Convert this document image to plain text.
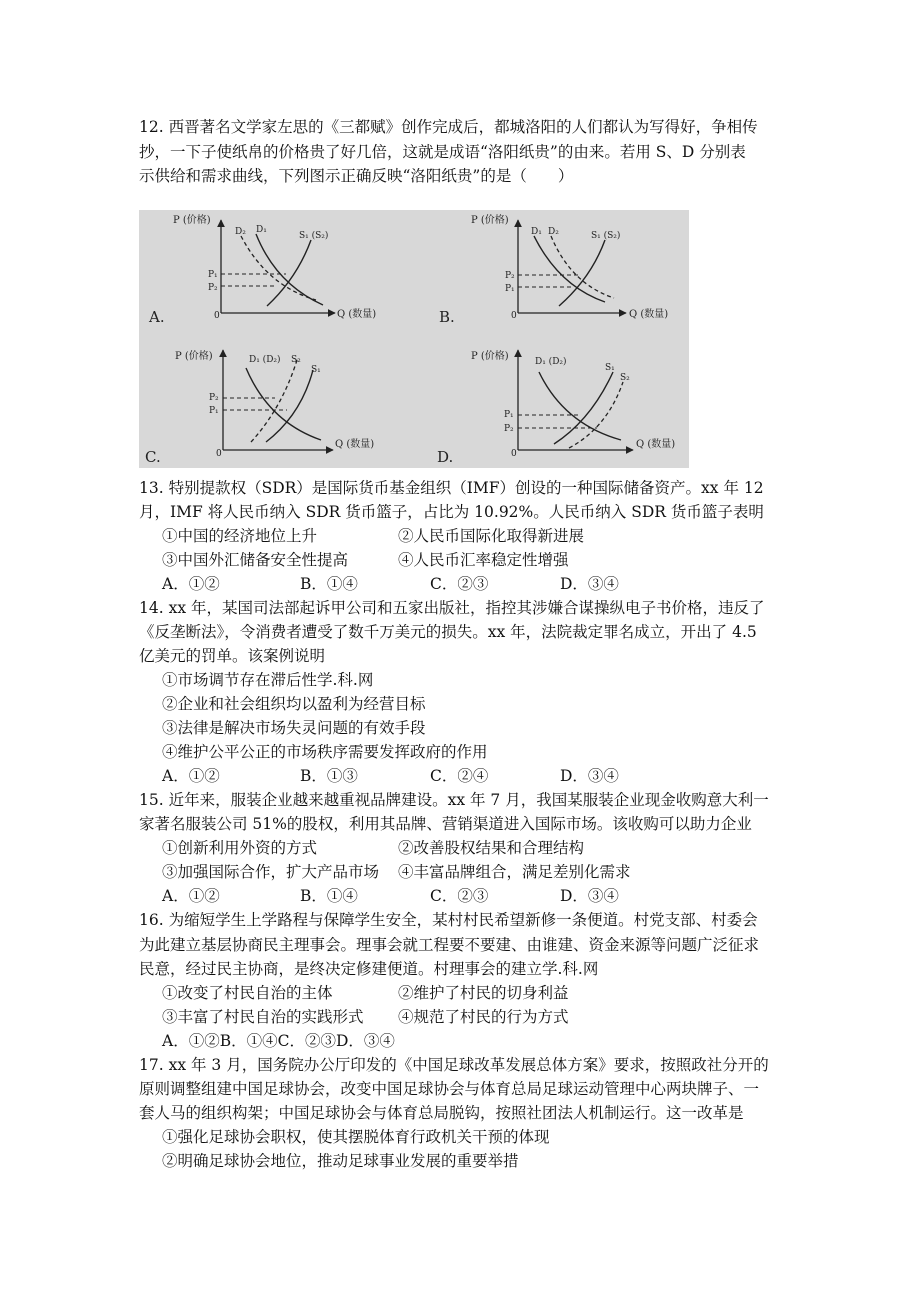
12. 西晋著名文学家左思的《三都赋》创作完成后，都城洛阳的人们都认为写得好，争相传
抄，一下子使纸帛的价格贵了好几倍，这就是成语“洛阳纸贵”的由来。若用 S、D 分别表
示供给和需求曲线，下列图示正确反映“洛阳纸贵”的是（　　）
P (价格)
Q (数量)
0
A.
D₂ D₁
S₁ (S₂)
P₁
P₂
P (价格)
Q (数量)
0
B.
D₁ D₂	S₁ (S₂)
P₂
P₁
P (价格)
Q (数量)
0
C.
D₁ (D₂) S₂
S₁
P₂
P₁
P (价格)
Q (数量)
0
D.
D₁ (D₂)
S₁
S₂
P₁
P₂
13. 特别提款权（SDR）是国际货币基金组织（IMF）创设的一种国际储备资产。xx 年 12
月，IMF 将人民币纳入 SDR 货币篮子，占比为 10.92%。人民币纳入 SDR 货币篮子表明
①中国的经济地位上升	②人民币国际化取得新进展
③中国外汇储备安全性提高	④人民币汇率稳定性增强
A．①②	B．①④	C．②③	D．③④
14. xx 年，某国司法部起诉甲公司和五家出版社，指控其涉嫌合谋操纵电子书价格，违反了
《反垄断法》，令消费者遭受了数千万美元的损失。xx 年，法院裁定罪名成立，开出了 4.5
亿美元的罚单。该案例说明
①市场调节存在滞后性学.科.网
②企业和社会组织均以盈利为经营目标
③法律是解决市场失灵问题的有效手段
④维护公平公正的市场秩序需要发挥政府的作用
A．①②	B．①③	C．②④	D．③④
15. 近年来，服装企业越来越重视品牌建设。xx 年 7 月，我国某服装企业现金收购意大利一
家著名服装公司 51%的股权，利用其品牌、营销渠道进入国际市场。该收购可以助力企业
①创新利用外资的方式	②改善股权结果和合理结构
③加强国际合作，扩大产品市场 ④丰富品牌组合，满足差别化需求
A．①②	B．①④	C．②③	D．③④
16. 为缩短学生上学路程与保障学生安全，某村村民希望新修一条便道。村党支部、村委会
为此建立基层协商民主理事会。理事会就工程要不要建、由谁建、资金来源等问题广泛征求
民意，经过民主协商，是终决定修建便道。村理事会的建立学.科.网
①改变了村民自治的主体	②维护了村民的切身利益
③丰富了村民自治的实践形式 ④规范了村民的行为方式
A．①②B．①④C．②③D．③④
17. xx 年 3 月，国务院办公厅印发的《中国足球改革发展总体方案》要求，按照政社分开的
原则调整组建中国足球协会，改变中国足球协会与体育总局足球运动管理中心两块牌子、一
套人马的组织构架；中国足球协会与体育总局脱钩，按照社团法人机制运行。这一改革是
①强化足球协会职权，使其摆脱体育行政机关干预的体现
②明确足球协会地位，推动足球事业发展的重要举措
